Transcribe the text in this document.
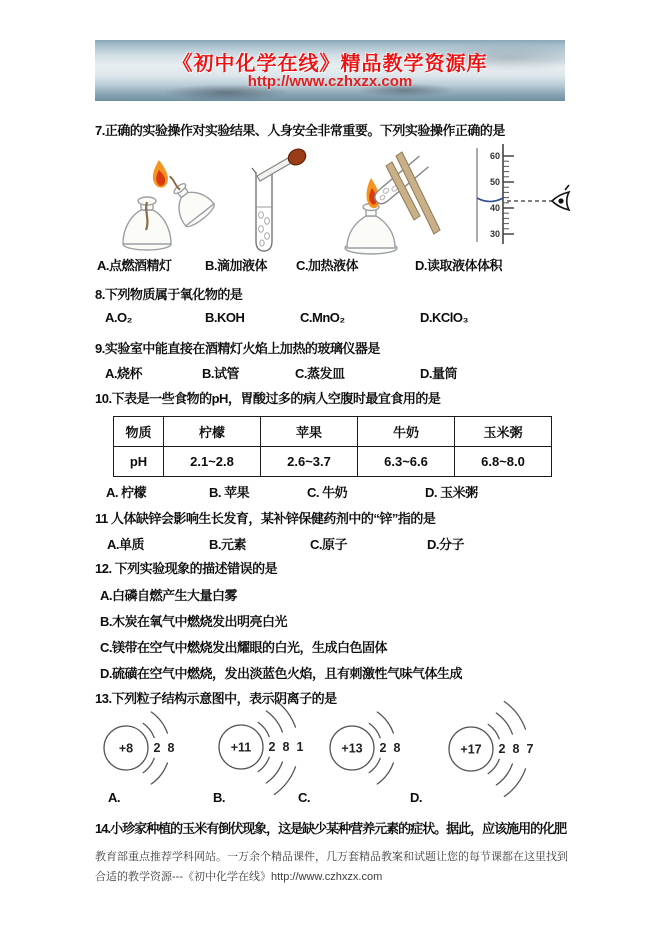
《初中化学在线》精品教学资源库
http://www.czhxzx.com
7.正确的实验操作对实验结果、人身安全非常重要。下列实验操作正确的是
60
50
40
30
A.点燃酒精灯	B.滴加液体 C.加热液体	D.读取液体体积
8.下列物质属于氧化物的是
A.O₂	B.KOH	C.MnO₂	D.KClO₃
9.实验室中能直接在酒精灯火焰上加热的玻璃仪器是
A.烧杯	B.试管	C.蒸发皿	D.量筒
10.下表是一些食物的pH，胃酸过多的病人空腹时最宜食用的是
物质	柠檬	苹果	牛奶	玉米粥
pH	2.1~2.8	2.6~3.7	6.3~6.6	6.8~8.0
A. 柠檬	B. 苹果	C. 牛奶	D. 玉米粥
11 人体缺锌会影响生长发育，某补锌保健药剂中的“锌”指的是
A.单质	B.元素	C.原子	D.分子
12. 下列实验现象的描述错误的是
A.白磷自燃产生大量白雾
B.木炭在氧气中燃烧发出明亮白光
C.镁带在空气中燃烧发出耀眼的白光，生成白色固体
D.硫磺在空气中燃烧，发出淡蓝色火焰，且有刺激性气味气体生成
13.下列粒子结构示意图中，表示阴离子的是
+8 2 8	+11 2 8 1	+13 2 8	+17 2 8 7
A.	B.	C.	D.
14.小珍家种植的玉米有倒伏现象，这是缺少某种营养元素的症状。据此，应该施用的化肥
教育部重点推荐学科网站。一万余个精品课件，几万套精品教案和试题让您的每节课都在这里找到合适的教学资源---《初中化学在线》http://www.czhxzx.com
